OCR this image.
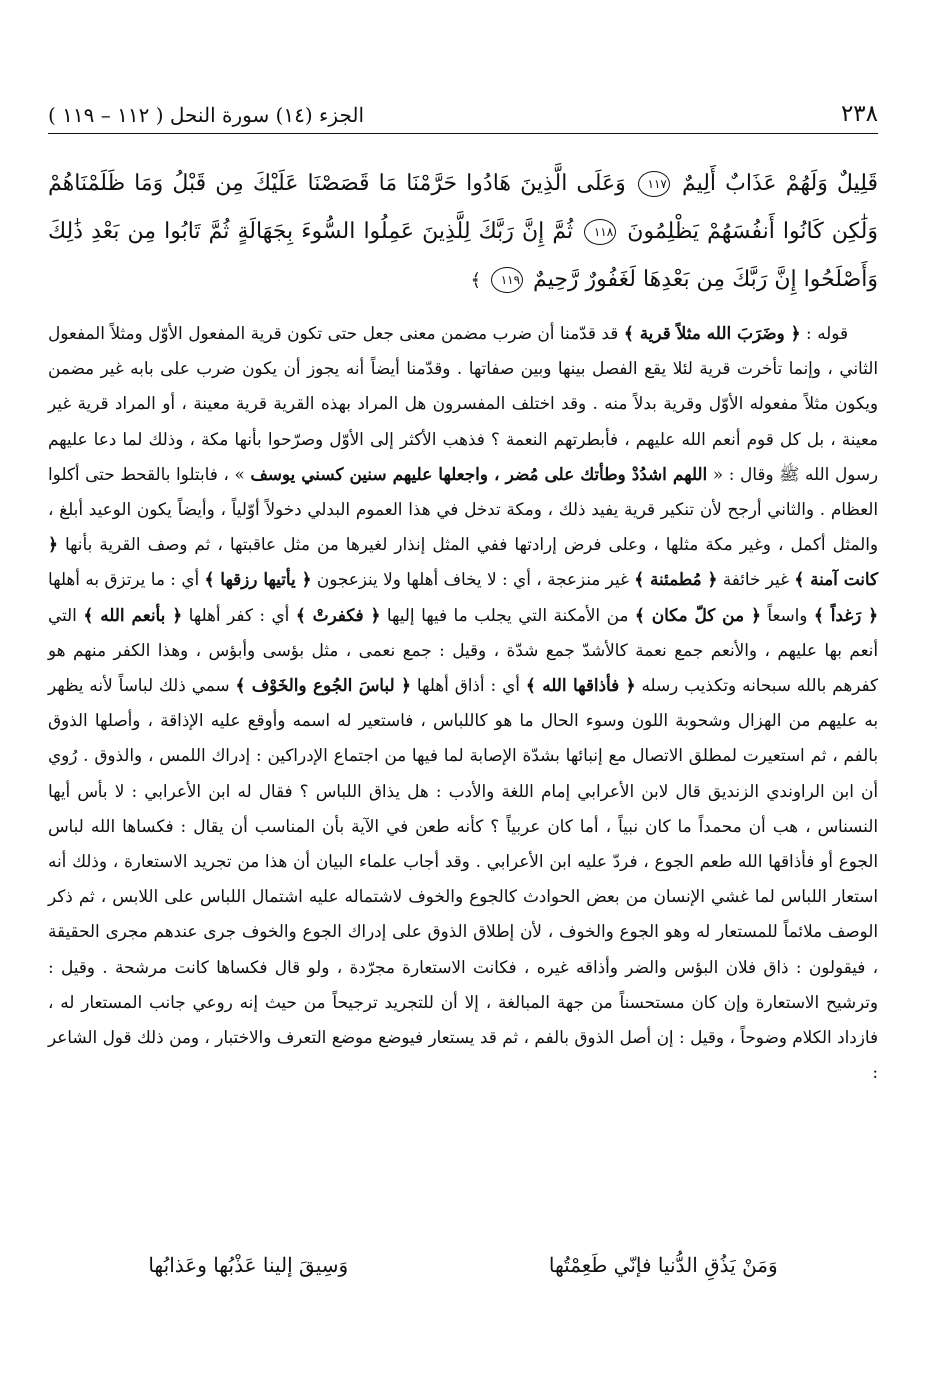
٢٣٨
الجزء (١٤) سورة النحل ( ١١٢ – ١١٩ )
قَلِيلٌ وَلَهُمْ عَذَابٌ أَلِيمٌ ١١٧ وَعَلَى الَّذِينَ هَادُوا حَرَّمْنَا مَا قَصَصْنَا عَلَيْكَ مِن قَبْلُ وَمَا ظَلَمْنَاهُمْ وَلَٰكِن كَانُوا أَنفُسَهُمْ يَظْلِمُونَ ١١٨ ثُمَّ إِنَّ رَبَّكَ لِلَّذِينَ عَمِلُوا السُّوءَ بِجَهَالَةٍ ثُمَّ تَابُوا مِن بَعْدِ ذَٰلِكَ وَأَصْلَحُوا إِنَّ رَبَّكَ مِن بَعْدِهَا لَغَفُورٌ رَّحِيمٌ ١١٩ ﴾

قوله : ﴿ وضَرَبَ الله مثلاً قرية ﴾ قد قدّمنا أن ضرب مضمن معنى جعل حتى تكون قرية المفعول الأوّل ومثلاً المفعول الثاني ، وإنما تأخرت قرية لئلا يقع الفصل بينها وبين صفاتها . وقدّمنا أيضاً أنه يجوز أن يكون ضرب على بابه غير مضمن ويكون مثلاً مفعوله الأوّل وقرية بدلاً منه . وقد اختلف المفسرون هل المراد بهذه القرية قرية معينة ، أو المراد قرية غير معينة ، بل كل قوم أنعم الله عليهم ، فأبطرتهم النعمة ؟ فذهب الأكثر إلى الأوّل وصرّحوا بأنها مكة ، وذلك لما دعا عليهم رسول الله ﷺ وقال : « اللهم اشدُدْ وطأتك على مُضر ، واجعلها عليهم سنين كسني يوسف » ، فابتلوا بالقحط حتى أكلوا العظام . والثاني أرجح لأن تنكير قرية يفيد ذلك ، ومكة تدخل في هذا العموم البدلي دخولاً أوّلياً ، وأيضاً يكون الوعيد أبلغ ، والمثل أكمل ، وغير مكة مثلها ، وعلى فرض إرادتها ففي المثل إنذار لغيرها من مثل عاقبتها ، ثم وصف القرية بأنها ﴿ كانت آمنة ﴾ غير خائفة ﴿ مُطمئنة ﴾ غير منزعجة ، أي : لا يخاف أهلها ولا ينزعجون ﴿ يأتيها رزقها ﴾ أي : ما يرتزق به أهلها ﴿ رَغداً ﴾ واسعاً ﴿ من كلّ مكان ﴾ من الأمكنة التي يجلب ما فيها إليها ﴿ فكفرتْ ﴾ أي : كفر أهلها ﴿ بأنعم الله ﴾ التي أنعم بها عليهم ، والأنعم جمع نعمة كالأشدّ جمع شدّة ، وقيل : جمع نعمى ، مثل بؤسى وأبؤس ، وهذا الكفر منهم هو كفرهم بالله سبحانه وتكذيب رسله ﴿ فأذاقها الله ﴾ أي : أذاق أهلها ﴿ لباسَ الجُوع والخَوْف ﴾ سمي ذلك لباساً لأنه يظهر به عليهم من الهزال وشحوبة اللون وسوء الحال ما هو كاللباس ، فاستعير له اسمه وأوقع عليه الإذاقة ، وأصلها الذوق بالفم ، ثم استعيرت لمطلق الاتصال مع إنبائها بشدّة الإصابة لما فيها من اجتماع الإدراكين : إدراك اللمس ، والذوق . رُوي أن ابن الراوندي الزنديق قال لابن الأعرابي إمام اللغة والأدب : هل يذاق اللباس ؟ فقال له ابن الأعرابي : لا بأس أيها النسناس ، هب أن محمداً ما كان نبياً ، أما كان عربياً ؟ كأنه طعن في الآية بأن المناسب أن يقال : فكساها الله لباس الجوع أو فأذاقها الله طعم الجوع ، فردّ عليه ابن الأعرابي . وقد أجاب علماء البيان أن هذا من تجريد الاستعارة ، وذلك أنه استعار اللباس لما غشي الإنسان من بعض الحوادث كالجوع والخوف لاشتماله عليه اشتمال اللباس على اللابس ، ثم ذكر الوصف ملائماً للمستعار له وهو الجوع والخوف ، لأن إطلاق الذوق على إدراك الجوع والخوف جرى عندهم مجرى الحقيقة ، فيقولون : ذاق فلان البؤس والضر وأذاقه غيره ، فكانت الاستعارة مجرّدة ، ولو قال فكساها كانت مرشحة . وقيل : وترشيح الاستعارة وإن كان مستحسناً من جهة المبالغة ، إلا أن للتجريد ترجيحاً من حيث إنه روعي جانب المستعار له ، فازداد الكلام وضوحاً ، وقيل : إن أصل الذوق بالفم ، ثم قد يستعار فيوضع موضع التعرف والاختبار ، ومن ذلك قول الشاعر :

وَمَنْ يَذُقِ الدُّنيا فإنّي طَعِمْتُها
وَسِيقَ إلينا عَذْبُها وعَذابُها
